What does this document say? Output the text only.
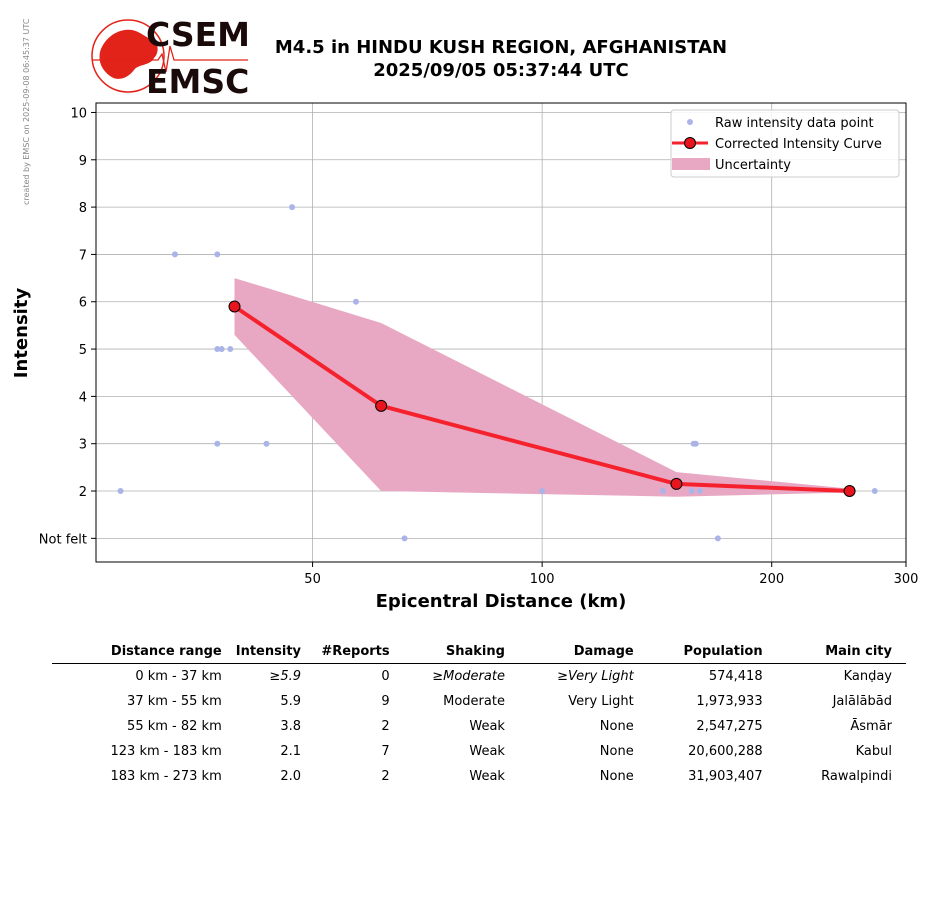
created by EMSC on 2025-09-08 06:45:37 UTC	CSEM
EMSC
M4.5 in HINDU KUSH REGION, AFGHANISTAN
2025/09/05 05:37:44 UTC
50	100	200	300
Not felt
2
3
4
5
6
7
8
9
10
Epicentral Distance (km)
Intensity
Raw intensity data point
Corrected Intensity Curve
Uncertainty
Distance range	Intensity	#Reports	Shaking	Damage	Population	Main city
0 km - 37 km	≥5.9	0	≥Moderate	≥Very Light	574,418	Kanḍay
37 km - 55 km	5.9	9	Moderate	Very Light	1,973,933	Jalālābād
55 km - 82 km	3.8	2	Weak	None	2,547,275	Āsmār
123 km - 183 km	2.1	7	Weak	None	20,600,288	Kabul
183 km - 273 km	2.0	2	Weak	None	31,903,407	Rawalpindi
